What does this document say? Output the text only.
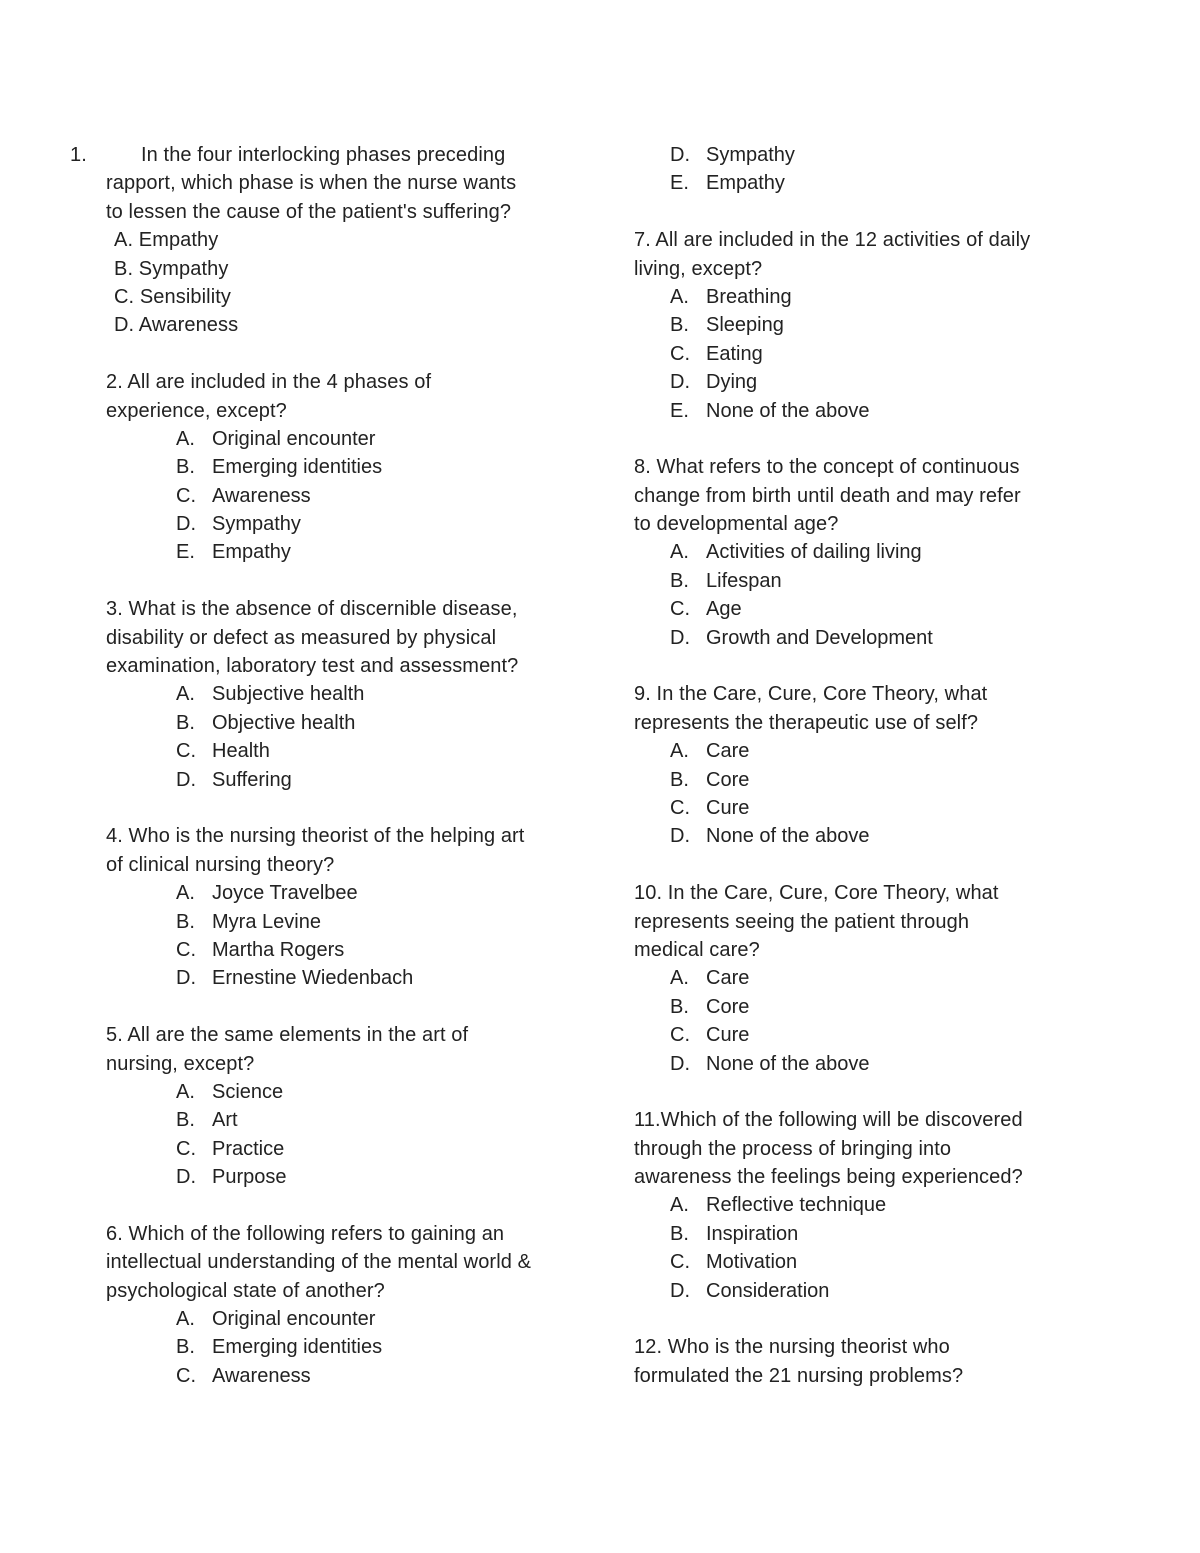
1.	In the four interlocking phases preceding
rapport, which phase is when the nurse wants
to lessen the cause of the patient's suffering?
A. Empathy
B. Sympathy
C. Sensibility
D. Awareness
2. All are included in the 4 phases of
experience, except?
A. Original encounter
B. Emerging identities
C. Awareness
D. Sympathy
E. Empathy
3. What is the absence of discernible disease,
disability or defect as measured by physical
examination, laboratory test and assessment?
A. Subjective health
B. Objective health
C. Health
D. Suffering
4. Who is the nursing theorist of the helping art
of clinical nursing theory?
A. Joyce Travelbee
B. Myra Levine
C. Martha Rogers
D. Ernestine Wiedenbach
5. All are the same elements in the art of
nursing, except?
A. Science
B. Art
C. Practice
D. Purpose
6. Which of the following refers to gaining an
intellectual understanding of the mental world &
psychological state of another?
A. Original encounter
B. Emerging identities
C. Awareness
D. Sympathy
E. Empathy
7. All are included in the 12 activities of daily
living, except?
A. Breathing
B. Sleeping
C. Eating
D. Dying
E. None of the above
8. What refers to the concept of continuous
change from birth until death and may refer
to developmental age?
A. Activities of dailing living
B. Lifespan
C. Age
D. Growth and Development
9. In the Care, Cure, Core Theory, what
represents the therapeutic use of self?
A. Care
B. Core
C. Cure
D. None of the above
10. In the Care, Cure, Core Theory, what
represents seeing the patient through
medical care?
A. Care
B. Core
C. Cure
D. None of the above
11.Which of the following will be discovered
through the process of bringing into
awareness the feelings being experienced?
A. Reflective technique
B. Inspiration
C. Motivation
D. Consideration
12. Who is the nursing theorist who
formulated the 21 nursing problems?
